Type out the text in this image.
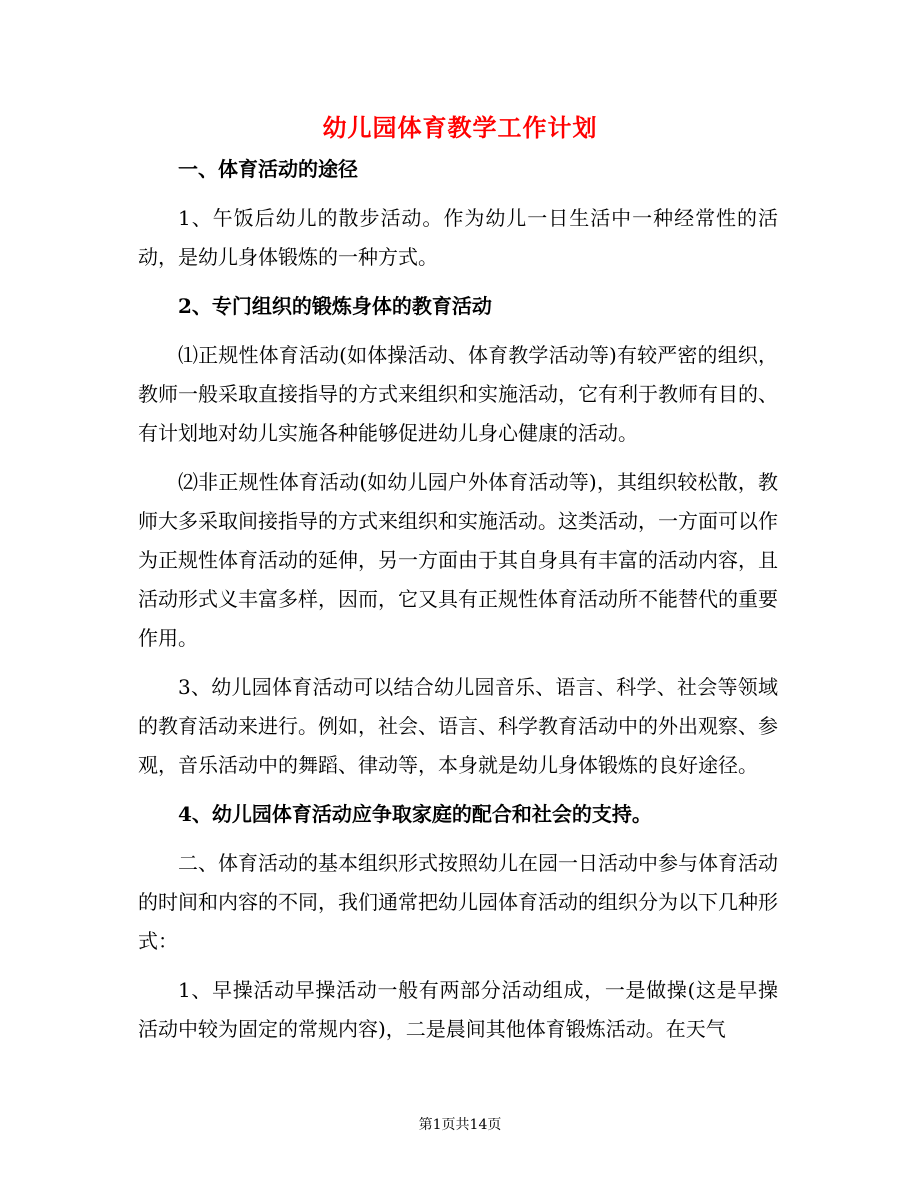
幼儿园体育教学工作计划

一、体育活动的途径

1、午饭后幼儿的散步活动。作为幼儿一日生活中一种经常性的活动，是幼儿身体锻炼的一种方式。

2、专门组织的锻炼身体的教育活动

⑴正规性体育活动(如体操活动、体育教学活动等)有较严密的组织，教师一般采取直接指导的方式来组织和实施活动，它有利于教师有目的、有计划地对幼儿实施各种能够促进幼儿身心健康的活动。

⑵非正规性体育活动(如幼儿园户外体育活动等)，其组织较松散，教师大多采取间接指导的方式来组织和实施活动。这类活动，一方面可以作为正规性体育活动的延伸，另一方面由于其自身具有丰富的活动内容，且活动形式义丰富多样，因而，它又具有正规性体育活动所不能替代的重要作用。

3、幼儿园体育活动可以结合幼儿园音乐、语言、科学、社会等领域的教育活动来进行。例如，社会、语言、科学教育活动中的外出观察、参观，音乐活动中的舞蹈、律动等，本身就是幼儿身体锻炼的良好途径。

4、幼儿园体育活动应争取家庭的配合和社会的支持。

二、体育活动的基本组织形式按照幼儿在园一日活动中参与体育活动的时间和内容的不同，我们通常把幼儿园体育活动的组织分为以下几种形式：

1、早操活动早操活动一般有两部分活动组成，一是做操(这是早操活动中较为固定的常规内容)，二是晨间其他体育锻炼活动。在天气

第1页共14页
